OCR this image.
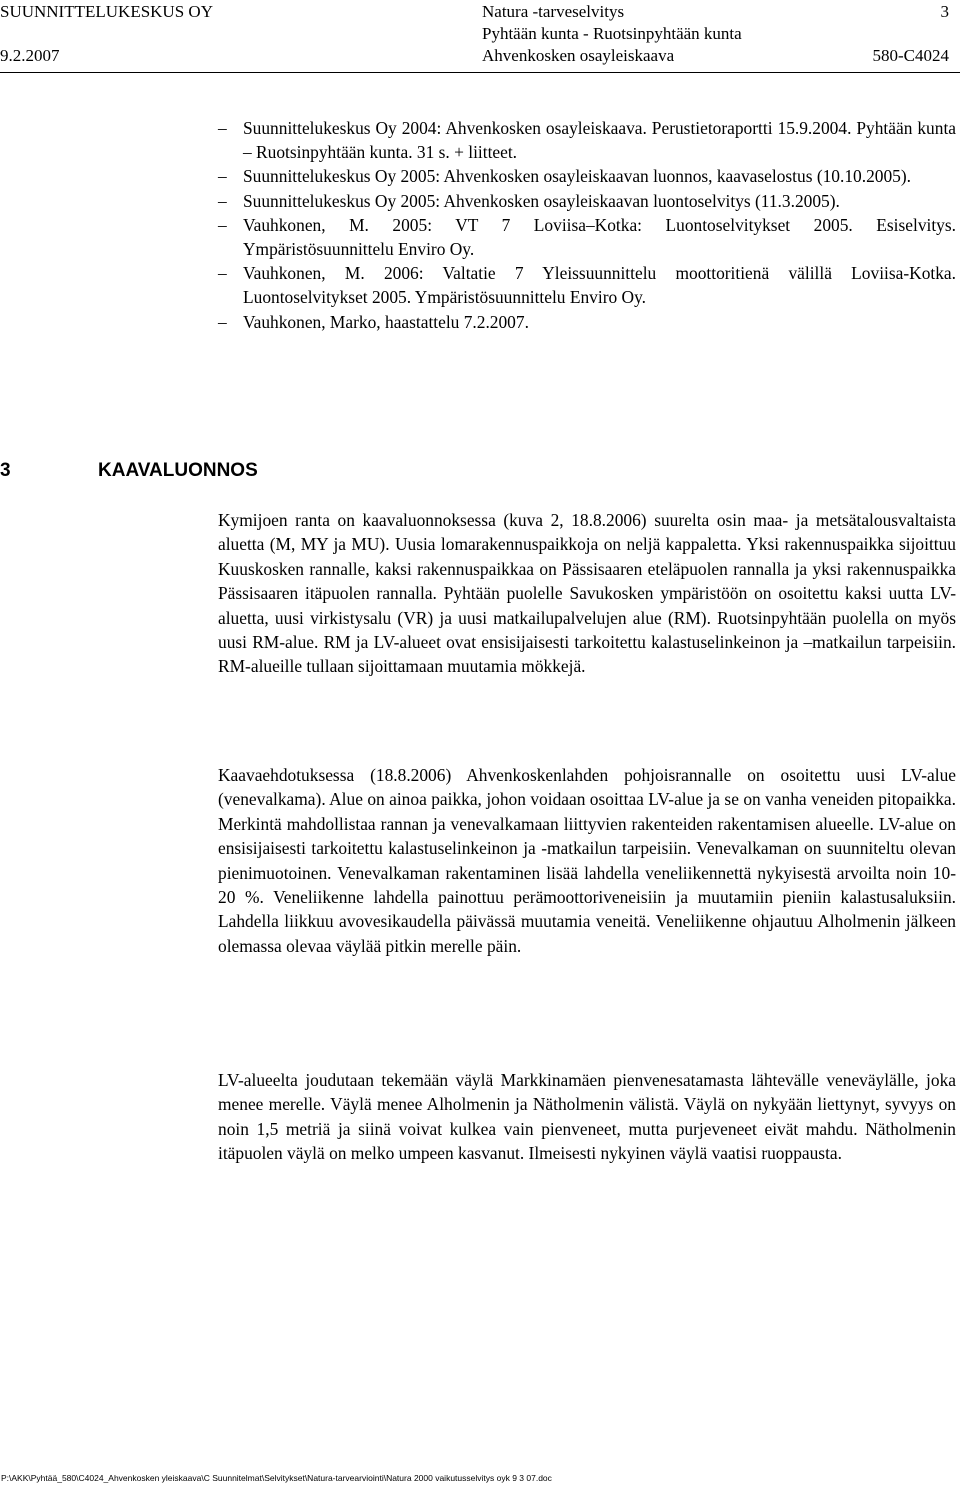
SUUNNITTELUKESKUS OY
9.2.2007
Natura -tarveselvitys
Pyhtään kunta - Ruotsinpyhtään kunta
Ahvenkosken osayleiskaava
3
580-C4024
– Suunnittelukeskus Oy 2004: Ahvenkosken osayleiskaava. Perustietoraportti 15.9.2004. Pyhtään kunta – Ruotsinpyhtään kunta. 31 s. + liitteet.
– Suunnittelukeskus Oy 2005: Ahvenkosken osayleiskaavan luonnos, kaavaselostus (10.10.2005).
– Suunnittelukeskus Oy 2005: Ahvenkosken osayleiskaavan luontoselvitys (11.3.2005).
– Vauhkonen, M. 2005: VT 7 Loviisa–Kotka: Luontoselvitykset 2005. Esiselvitys. Ympäristösuunnittelu Enviro Oy.
– Vauhkonen, M. 2006: Valtatie 7 Yleissuunnittelu moottoritienä välillä Loviisa-Kotka. Luontoselvitykset 2005. Ympäristösuunnittelu Enviro Oy.
– Vauhkonen, Marko, haastattelu 7.2.2007.
3	KAAVALUONNOS

Kymijoen ranta on kaavaluonnoksessa (kuva 2, 18.8.2006) suurelta osin maa- ja metsätalousvaltaista aluetta (M, MY ja MU). Uusia lomarakennuspaikkoja on neljä kappaletta. Yksi rakennuspaikka sijoittuu Kuuskosken rannalle, kaksi rakennuspaikkaa on Pässisaaren eteläpuolen rannalla ja yksi rakennuspaikka Pässisaaren itäpuolen rannalla. Pyhtään puolelle Savukosken ympäristöön on osoitettu kaksi uutta LV-aluetta, uusi virkistysalu (VR) ja uusi matkailupalvelujen alue (RM). Ruotsinpyhtään puolella on myös uusi RM-alue. RM ja LV-alueet ovat ensisijaisesti tarkoitettu kalastuselinkeinon ja –matkailun tarpeisiin. RM-alueille tullaan sijoittamaan muutamia mökkejä.

Kaavaehdotuksessa (18.8.2006) Ahvenkoskenlahden pohjoisrannalle on osoitettu uusi LV-alue (venevalkama). Alue on ainoa paikka, johon voidaan osoittaa LV-alue ja se on vanha veneiden pitopaikka. Merkintä mahdollistaa rannan ja venevalkamaan liittyvien rakenteiden rakentamisen alueelle. LV-alue on ensisijaisesti tarkoitettu kalastuselinkeinon ja -matkailun tarpeisiin. Venevalkaman on suunniteltu olevan pienimuotoinen. Venevalkaman rakentaminen lisää lahdella veneliikennettä nykyisestä arvoilta noin 10-20 %. Veneliikenne lahdella painottuu perämoottoriveneisiin ja muutamiin pieniin kalastusaluksiin. Lahdella liikkuu avovesikaudella päivässä muutamia veneitä. Veneliikenne ohjautuu Alholmenin jälkeen olemassa olevaa väylää pitkin merelle päin.

LV-alueelta joudutaan tekemään väylä Markkinamäen pienvenesatamasta lähtevälle veneväylälle, joka menee merelle. Väylä menee Alholmenin ja Nätholmenin välistä. Väylä on nykyään liettynyt, syvyys on noin 1,5 metriä ja siinä voivat kulkea vain pienveneet, mutta purjeveneet eivät mahdu. Nätholmenin itäpuolen väylä on melko umpeen kasvanut. Ilmeisesti nykyinen väylä vaatisi ruoppausta.

P:\AKK\Pyhtää_580\C4024_Ahvenkosken yleiskaava\C Suunnitelmat\Selvitykset\Natura-tarvearviointi\Natura 2000 vaikutusselvitys oyk 9 3 07.doc
